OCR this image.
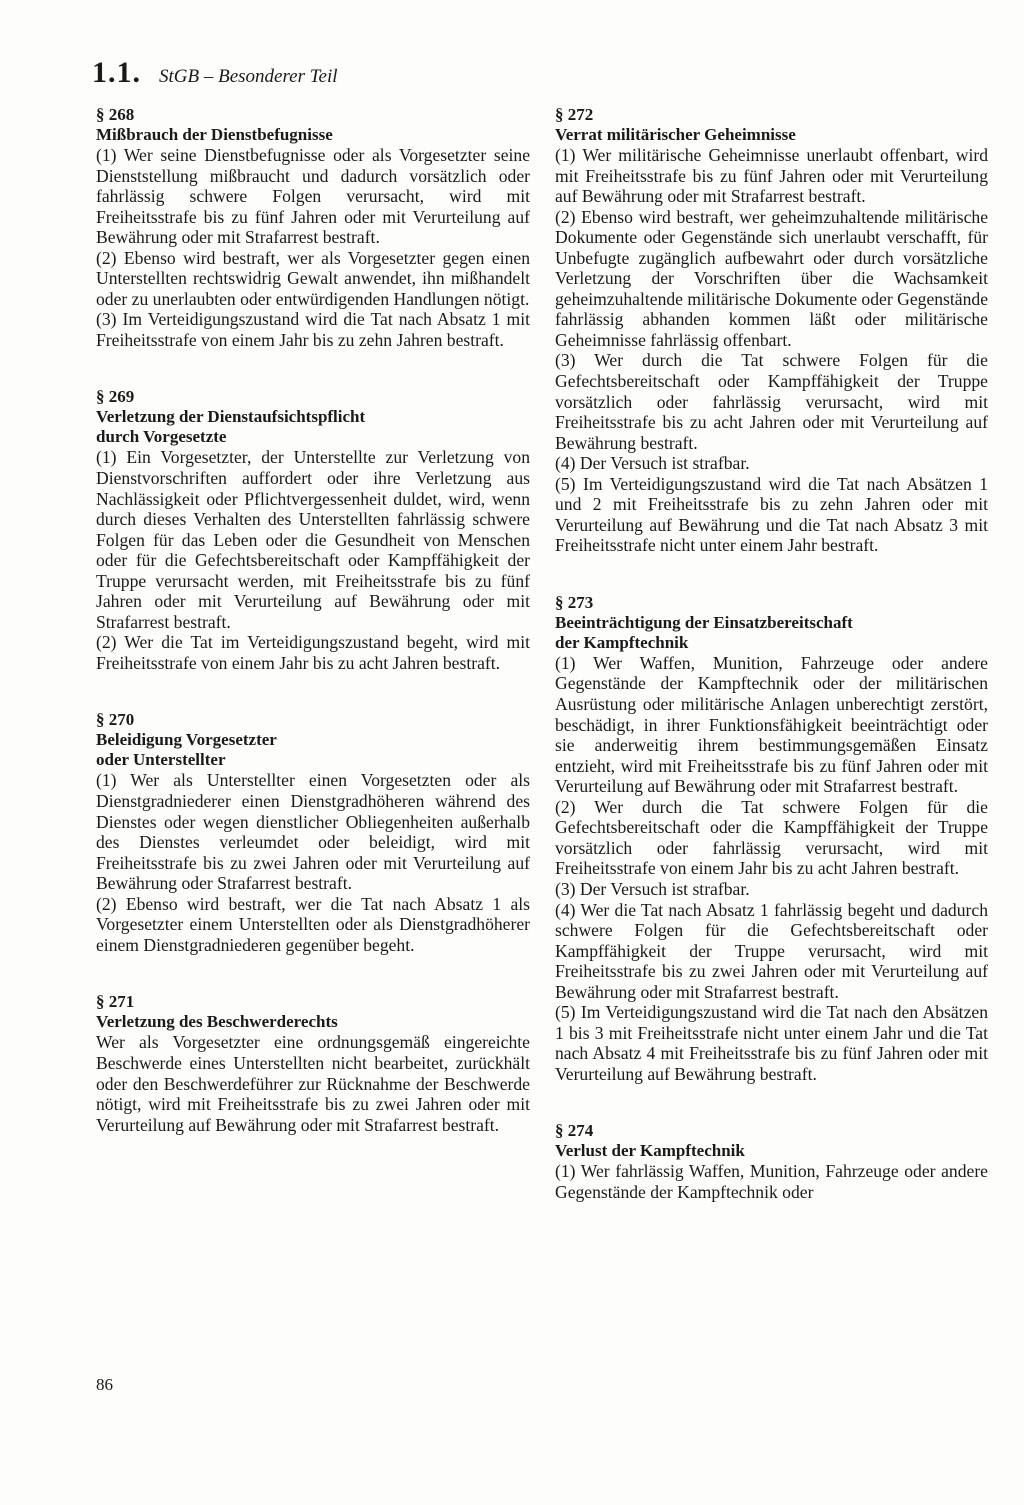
1.1. StGB – Besonderer Teil
§ 268
Mißbrauch der Dienstbefugnisse

(1) Wer seine Dienstbefugnisse oder als Vorgesetzter seine Dienststellung mißbraucht und dadurch vorsätzlich oder fahrlässig schwere Folgen verursacht, wird mit Freiheitsstrafe bis zu fünf Jahren oder mit Verurteilung auf Bewährung oder mit Strafarrest bestraft.

(2) Ebenso wird bestraft, wer als Vorgesetzter gegen einen Unterstellten rechtswidrig Gewalt anwendet, ihn mißhandelt oder zu unerlaubten oder entwürdigenden Handlungen nötigt.

(3) Im Verteidigungszustand wird die Tat nach Absatz 1 mit Freiheitsstrafe von einem Jahr bis zu zehn Jahren bestraft.

§ 269
Verletzung der Dienstaufsichtspflicht
durch Vorgesetzte

(1) Ein Vorgesetzter, der Unterstellte zur Verletzung von Dienstvorschriften auffordert oder ihre Verletzung aus Nachlässigkeit oder Pflichtvergessenheit duldet, wird, wenn durch dieses Verhalten des Unterstellten fahrlässig schwere Folgen für das Leben oder die Gesundheit von Menschen oder für die Gefechtsbereitschaft oder Kampffähigkeit der Truppe verursacht werden, mit Freiheitsstrafe bis zu fünf Jahren oder mit Verurteilung auf Bewährung oder mit Strafarrest bestraft.

(2) Wer die Tat im Verteidigungszustand begeht, wird mit Freiheitsstrafe von einem Jahr bis zu acht Jahren bestraft.

§ 270
Beleidigung Vorgesetzter
oder Unterstellter

(1) Wer als Unterstellter einen Vorgesetzten oder als Dienstgradniederer einen Dienstgradhöheren während des Dienstes oder wegen dienstlicher Obliegenheiten außerhalb des Dienstes verleumdet oder beleidigt, wird mit Freiheitsstrafe bis zu zwei Jahren oder mit Verurteilung auf Bewährung oder Strafarrest bestraft.

(2) Ebenso wird bestraft, wer die Tat nach Absatz 1 als Vorgesetzter einem Unterstellten oder als Dienstgradhöherer einem Dienstgradniederen gegenüber begeht.

§ 271
Verletzung des Beschwerderechts

Wer als Vorgesetzter eine ordnungsgemäß eingereichte Beschwerde eines Unterstellten nicht bearbeitet, zurückhält oder den Beschwerdeführer zur Rücknahme der Beschwerde nötigt, wird mit Freiheitsstrafe bis zu zwei Jahren oder mit Verurteilung auf Bewährung oder mit Strafarrest bestraft.

§ 272
Verrat militärischer Geheimnisse

(1) Wer militärische Geheimnisse unerlaubt offenbart, wird mit Freiheitsstrafe bis zu fünf Jahren oder mit Verurteilung auf Bewährung oder mit Strafarrest bestraft.

(2) Ebenso wird bestraft, wer geheimzuhaltende militärische Dokumente oder Gegenstände sich unerlaubt verschafft, für Unbefugte zugänglich aufbewahrt oder durch vorsätzliche Verletzung der Vorschriften über die Wachsamkeit geheimzuhaltende militärische Dokumente oder Gegenstände fahrlässig abhanden kommen läßt oder militärische Geheimnisse fahrlässig offenbart.

(3) Wer durch die Tat schwere Folgen für die Gefechtsbereitschaft oder Kampffähigkeit der Truppe vorsätzlich oder fahrlässig verursacht, wird mit Freiheitsstrafe bis zu acht Jahren oder mit Verurteilung auf Bewährung bestraft.

(4) Der Versuch ist strafbar.

(5) Im Verteidigungszustand wird die Tat nach Absätzen 1 und 2 mit Freiheitsstrafe bis zu zehn Jahren oder mit Verurteilung auf Bewährung und die Tat nach Absatz 3 mit Freiheitsstrafe nicht unter einem Jahr bestraft.

§ 273
Beeinträchtigung der Einsatzbereitschaft
der Kampftechnik

(1) Wer Waffen, Munition, Fahrzeuge oder andere Gegenstände der Kampftechnik oder der militärischen Ausrüstung oder militärische Anlagen unberechtigt zerstört, beschädigt, in ihrer Funktionsfähigkeit beeinträchtigt oder sie anderweitig ihrem bestimmungsgemäßen Einsatz entzieht, wird mit Freiheitsstrafe bis zu fünf Jahren oder mit Verurteilung auf Bewährung oder mit Strafarrest bestraft.

(2) Wer durch die Tat schwere Folgen für die Gefechtsbereitschaft oder die Kampffähigkeit der Truppe vorsätzlich oder fahrlässig verursacht, wird mit Freiheitsstrafe von einem Jahr bis zu acht Jahren bestraft.

(3) Der Versuch ist strafbar.

(4) Wer die Tat nach Absatz 1 fahrlässig begeht und dadurch schwere Folgen für die Gefechtsbereitschaft oder Kampffähigkeit der Truppe verursacht, wird mit Freiheitsstrafe bis zu zwei Jahren oder mit Verurteilung auf Bewährung oder mit Strafarrest bestraft.

(5) Im Verteidigungszustand wird die Tat nach den Absätzen 1 bis 3 mit Freiheitsstrafe nicht unter einem Jahr und die Tat nach Absatz 4 mit Freiheitsstrafe bis zu fünf Jahren oder mit Verurteilung auf Bewährung bestraft.

§ 274
Verlust der Kampftechnik

(1) Wer fahrlässig Waffen, Munition, Fahrzeuge oder andere Gegenstände der Kampftechnik oder

86
